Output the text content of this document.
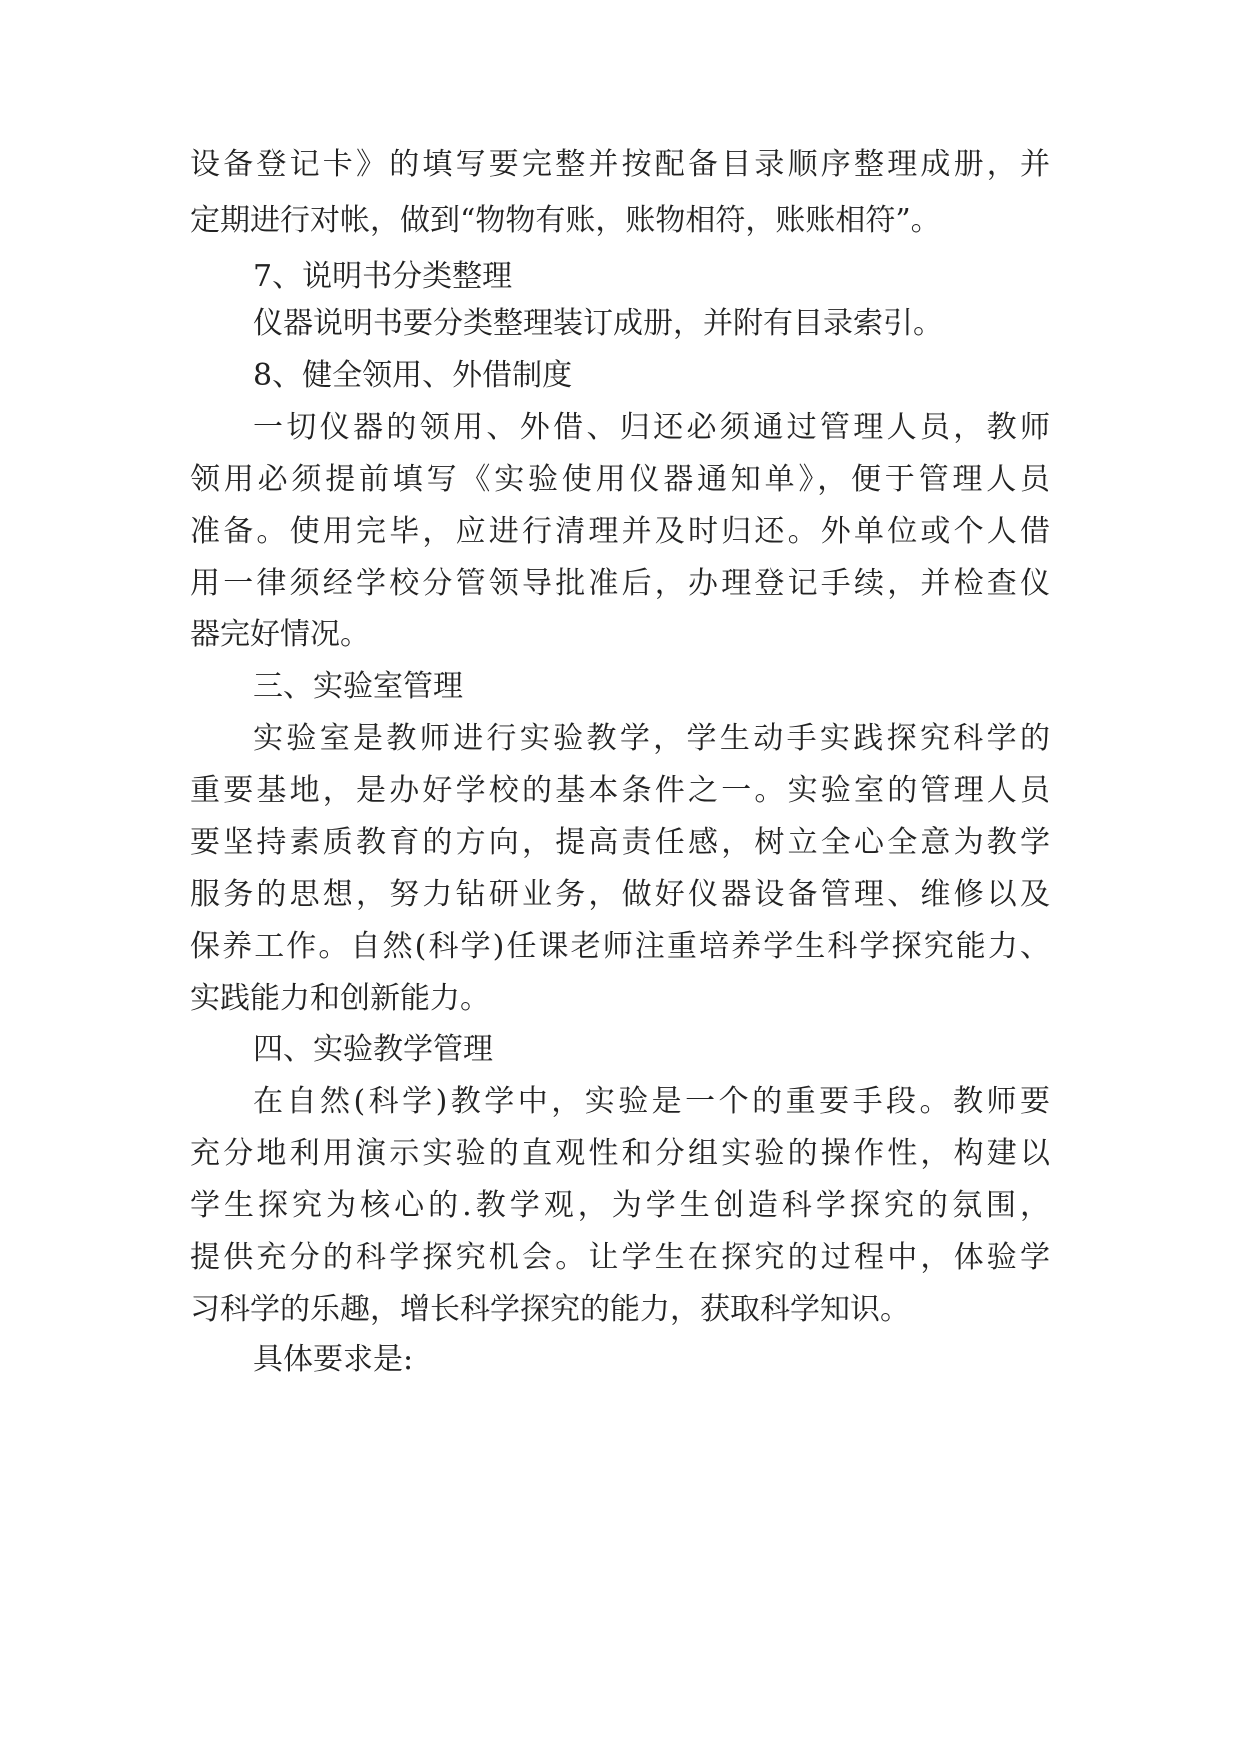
设备登记卡》的填写要完整并按配备目录顺序整理成册，并
定期进行对帐，做到“物物有账，账物相符，账账相符”。
7、说明书分类整理
仪器说明书要分类整理装订成册，并附有目录索引。
8、健全领用、外借制度
一切仪器的领用、外借、归还必须通过管理人员，教师
领用必须提前填写《实验使用仪器通知单》，便于管理人员
准备。使用完毕，应进行清理并及时归还。外单位或个人借
用一律须经学校分管领导批准后，办理登记手续，并检查仪
器完好情况。
三、实验室管理
实验室是教师进行实验教学，学生动手实践探究科学的
重要基地，是办好学校的基本条件之一。实验室的管理人员
要坚持素质教育的方向，提高责任感，树立全心全意为教学
服务的思想，努力钻研业务，做好仪器设备管理、维修以及
保养工作。自然(科学)任课老师注重培养学生科学探究能力、
实践能力和创新能力。
四、实验教学管理
在自然(科学)教学中，实验是一个的重要手段。教师要
充分地利用演示实验的直观性和分组实验的操作性，构建以
学生探究为核心的.教学观，为学生创造科学探究的氛围，
提供充分的科学探究机会。让学生在探究的过程中，体验学
习科学的乐趣，增长科学探究的能力，获取科学知识。
具体要求是:
